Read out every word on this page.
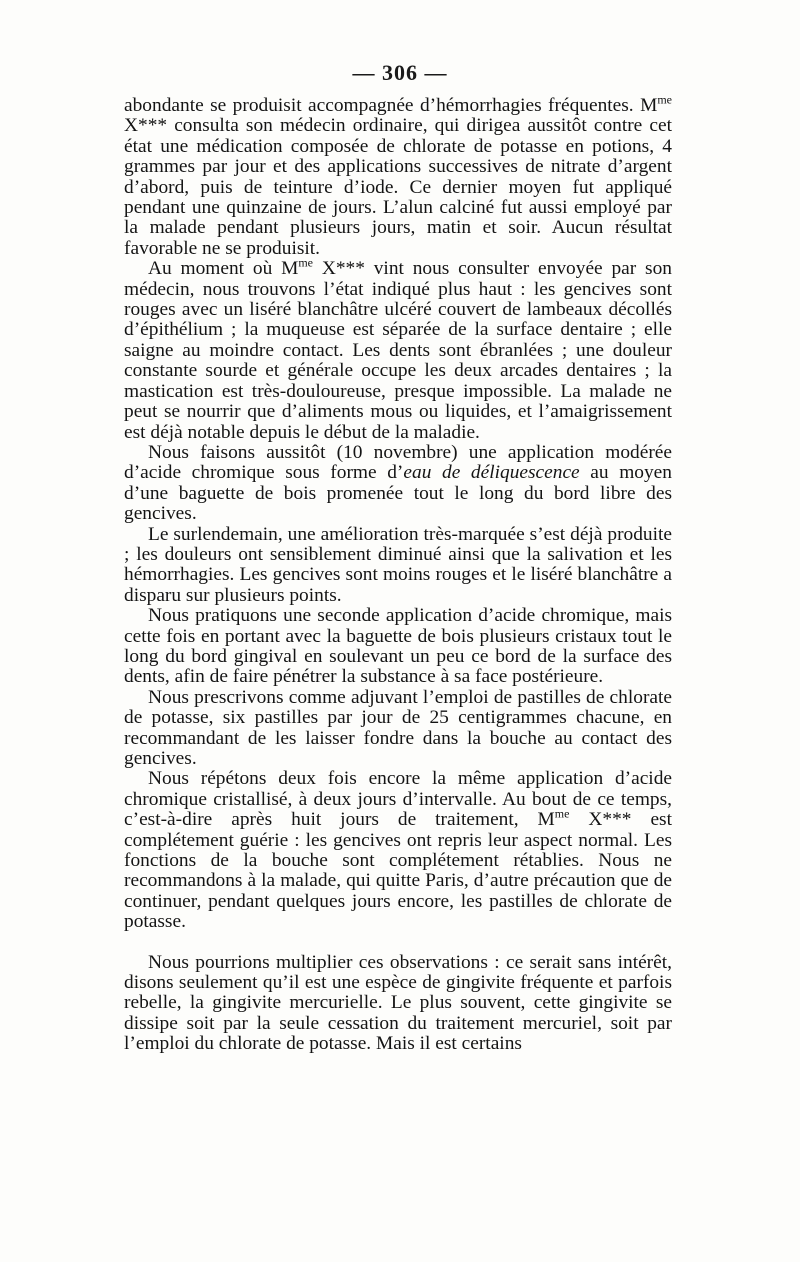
— 306 —

abondante se produisit accompagnée d’hémorrhagies fréquentes. $M^{me}$ X*** consulta son médecin ordinaire, qui dirigea aussitôt contre cet état une médication composée de chlorate de potasse en potions, 4 grammes par jour et des applications successives de nitrate d’argent d’abord, puis de teinture d’iode. Ce dernier moyen fut appliqué pendant une quinzaine de jours. L’alun calciné fut aussi employé par la malade pendant plusieurs jours, matin et soir. Aucun résultat favorable ne se produisit.

Au moment où $M^{me}$ X*** vint nous consulter envoyée par son médecin, nous trouvons l’état indiqué plus haut : les gencives sont rouges avec un liséré blanchâtre ulcéré couvert de lambeaux décollés d’épithélium ; la muqueuse est séparée de la surface dentaire ; elle saigne au moindre contact. Les dents sont ébranlées ; une douleur constante sourde et générale occupe les deux arcades dentaires ; la mastication est très-douloureuse, presque impossible. La malade ne peut se nourrir que d’aliments mous ou liquides, et l’amaigrissement est déjà notable depuis le début de la maladie.

Nous faisons aussitôt (10 novembre) une application modérée d’acide chromique sous forme d’eau de déliquescence au moyen d’une baguette de bois promenée tout le long du bord libre des gencives.

Le surlendemain, une amélioration très-marquée s’est déjà produite ; les douleurs ont sensiblement diminué ainsi que la salivation et les hémorrhagies. Les gencives sont moins rouges et le liséré blanchâtre a disparu sur plusieurs points.

Nous pratiquons une seconde application d’acide chromique, mais cette fois en portant avec la baguette de bois plusieurs cristaux tout le long du bord gingival en soulevant un peu ce bord de la surface des dents, afin de faire pénétrer la substance à sa face postérieure.

Nous prescrivons comme adjuvant l’emploi de pastilles de chlorate de potasse, six pastilles par jour de 25 centigrammes chacune, en recommandant de les laisser fondre dans la bouche au contact des gencives.

Nous répétons deux fois encore la même application d’acide chromique cristallisé, à deux jours d’intervalle. Au bout de ce temps, c’est-à-dire après huit jours de traitement, $M^{me}$ X*** est complétement guérie : les gencives ont repris leur aspect normal. Les fonctions de la bouche sont complétement rétablies. Nous ne recommandons à la malade, qui quitte Paris, d’autre précaution que de continuer, pendant quelques jours encore, les pastilles de chlorate de potasse.

Nous pourrions multiplier ces observations : ce serait sans intérêt, disons seulement qu’il est une espèce de gingivite fréquente et parfois rebelle, la gingivite mercurielle. Le plus souvent, cette gingivite se dissipe soit par la seule cessation du traitement mercuriel, soit par l’emploi du chlorate de potasse. Mais il est certains
